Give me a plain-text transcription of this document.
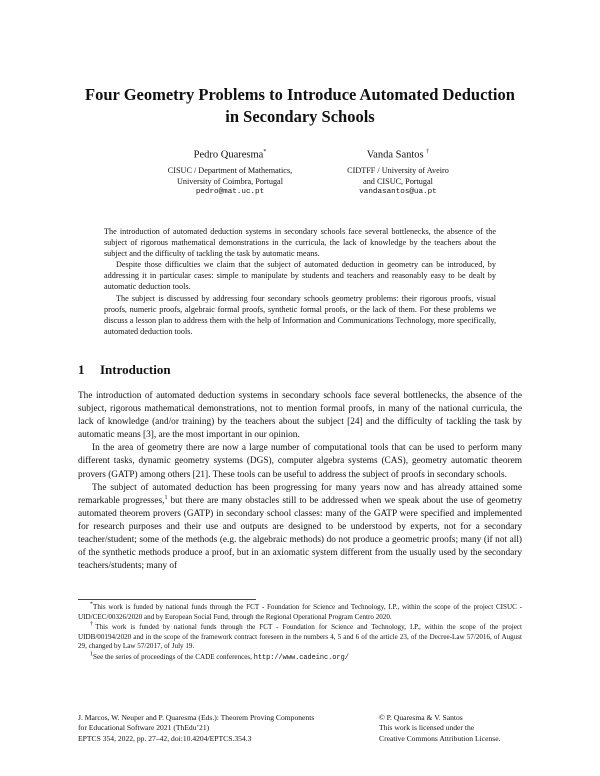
Four Geometry Problems to Introduce Automated Deduction
in Secondary Schools
Pedro Quaresma*
CISUC / Department of Mathematics,
University of Coimbra, Portugal
pedro@mat.uc.pt
Vanda Santos †
CIDTFF / University of Aveiro
and CISUC, Portugal
vandasantos@ua.pt

The introduction of automated deduction systems in secondary schools face several bottlenecks, the absence of the subject of rigorous mathematical demonstrations in the curricula, the lack of knowledge by the teachers about the subject and the difficulty of tackling the task by automatic means.

Despite those difficulties we claim that the subject of automated deduction in geometry can be introduced, by addressing it in particular cases: simple to manipulate by students and teachers and reasonably easy to be dealt by automatic deduction tools.

The subject is discussed by addressing four secondary schools geometry problems: their rigorous proofs, visual proofs, numeric proofs, algebraic formal proofs, synthetic formal proofs, or the lack of them. For these problems we discuss a lesson plan to address them with the help of Information and Communications Technology, more specifically, automated deduction tools.

1 Introduction

The introduction of automated deduction systems in secondary schools face several bottlenecks, the absence of the subject, rigorous mathematical demonstrations, not to mention formal proofs, in many of the national curricula, the lack of knowledge (and/or training) by the teachers about the subject [24] and the difficulty of tackling the task by automatic means [3], are the most important in our opinion.

In the area of geometry there are now a large number of computational tools that can be used to perform many different tasks, dynamic geometry systems (DGS), computer algebra systems (CAS), geometry automatic theorem provers (GATP) among others [21]. These tools can be useful to address the subject of proofs in secondary schools.

The subject of automated deduction has been progressing for many years now and has already attained some remarkable progresses,$^1$ but there are many obstacles still to be addressed when we speak about the use of geometry automated theorem provers (GATP) in secondary school classes: many of the GATP were specified and implemented for research purposes and their use and outputs are designed to be understood by experts, not for a secondary teacher/student; some of the methods (e.g. the algebraic methods) do not produce a geometric proofs; many (if not all) of the synthetic methods produce a proof, but in an axiomatic system different from the usually used by the secondary teachers/students; many of

*This work is funded by national funds through the FCT - Foundation for Science and Technology, I.P., within the scope of the project CISUC - UID/CEC/00326/2020 and by European Social Fund, through the Regional Operational Program Centro 2020.

†This work is funded by national funds through the FCT - Foundation for Science and Technology, I.P., within the scope of the project UIDB/00194/2020 and in the scope of the framework contract foreseen in the numbers 4, 5 and 6 of the article 23, of the Decree-Law 57/2016, of August 29, changed by Law 57/2017, of July 19.

$^1$See the series of proceedings of the CADE conferences, http://www.cadeinc.org/

J. Marcos, W. Neuper and P. Quaresma (Eds.): Theorem Proving Components
for Educational Software 2021 (ThEdu’21)
EPTCS 354, 2022, pp. 27–42, doi:10.4204/EPTCS.354.3
© P. Quaresma & V. Santos
This work is licensed under the
Creative Commons Attribution License.
